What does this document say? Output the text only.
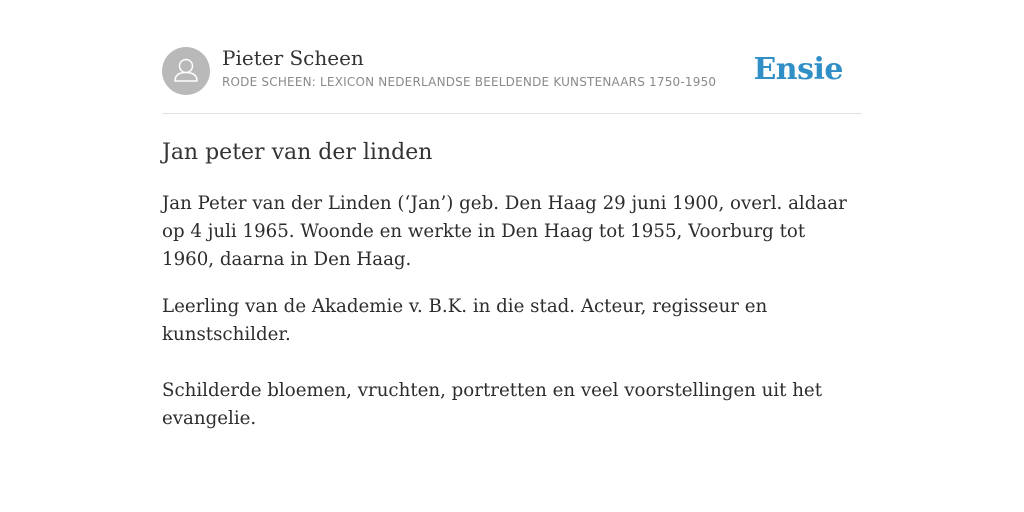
Pieter Scheen
RODE SCHEEN: LEXICON NEDERLANDSE BEELDENDE KUNSTENAARS 1750-1950 Ensie
Jan peter van der linden

Jan Peter van der Linden (‘Jan’) geb. Den Haag 29 juni 1900, overl. aldaar op 4 juli 1965. Woonde en werkte in Den Haag tot 1955, Voorburg tot 1960, daarna in Den Haag.

Leerling van de Akademie v. B.K. in die stad. Acteur, regisseur en kunstschilder.

Schilderde bloemen, vruchten, portretten en veel voorstellingen uit het evangelie.
